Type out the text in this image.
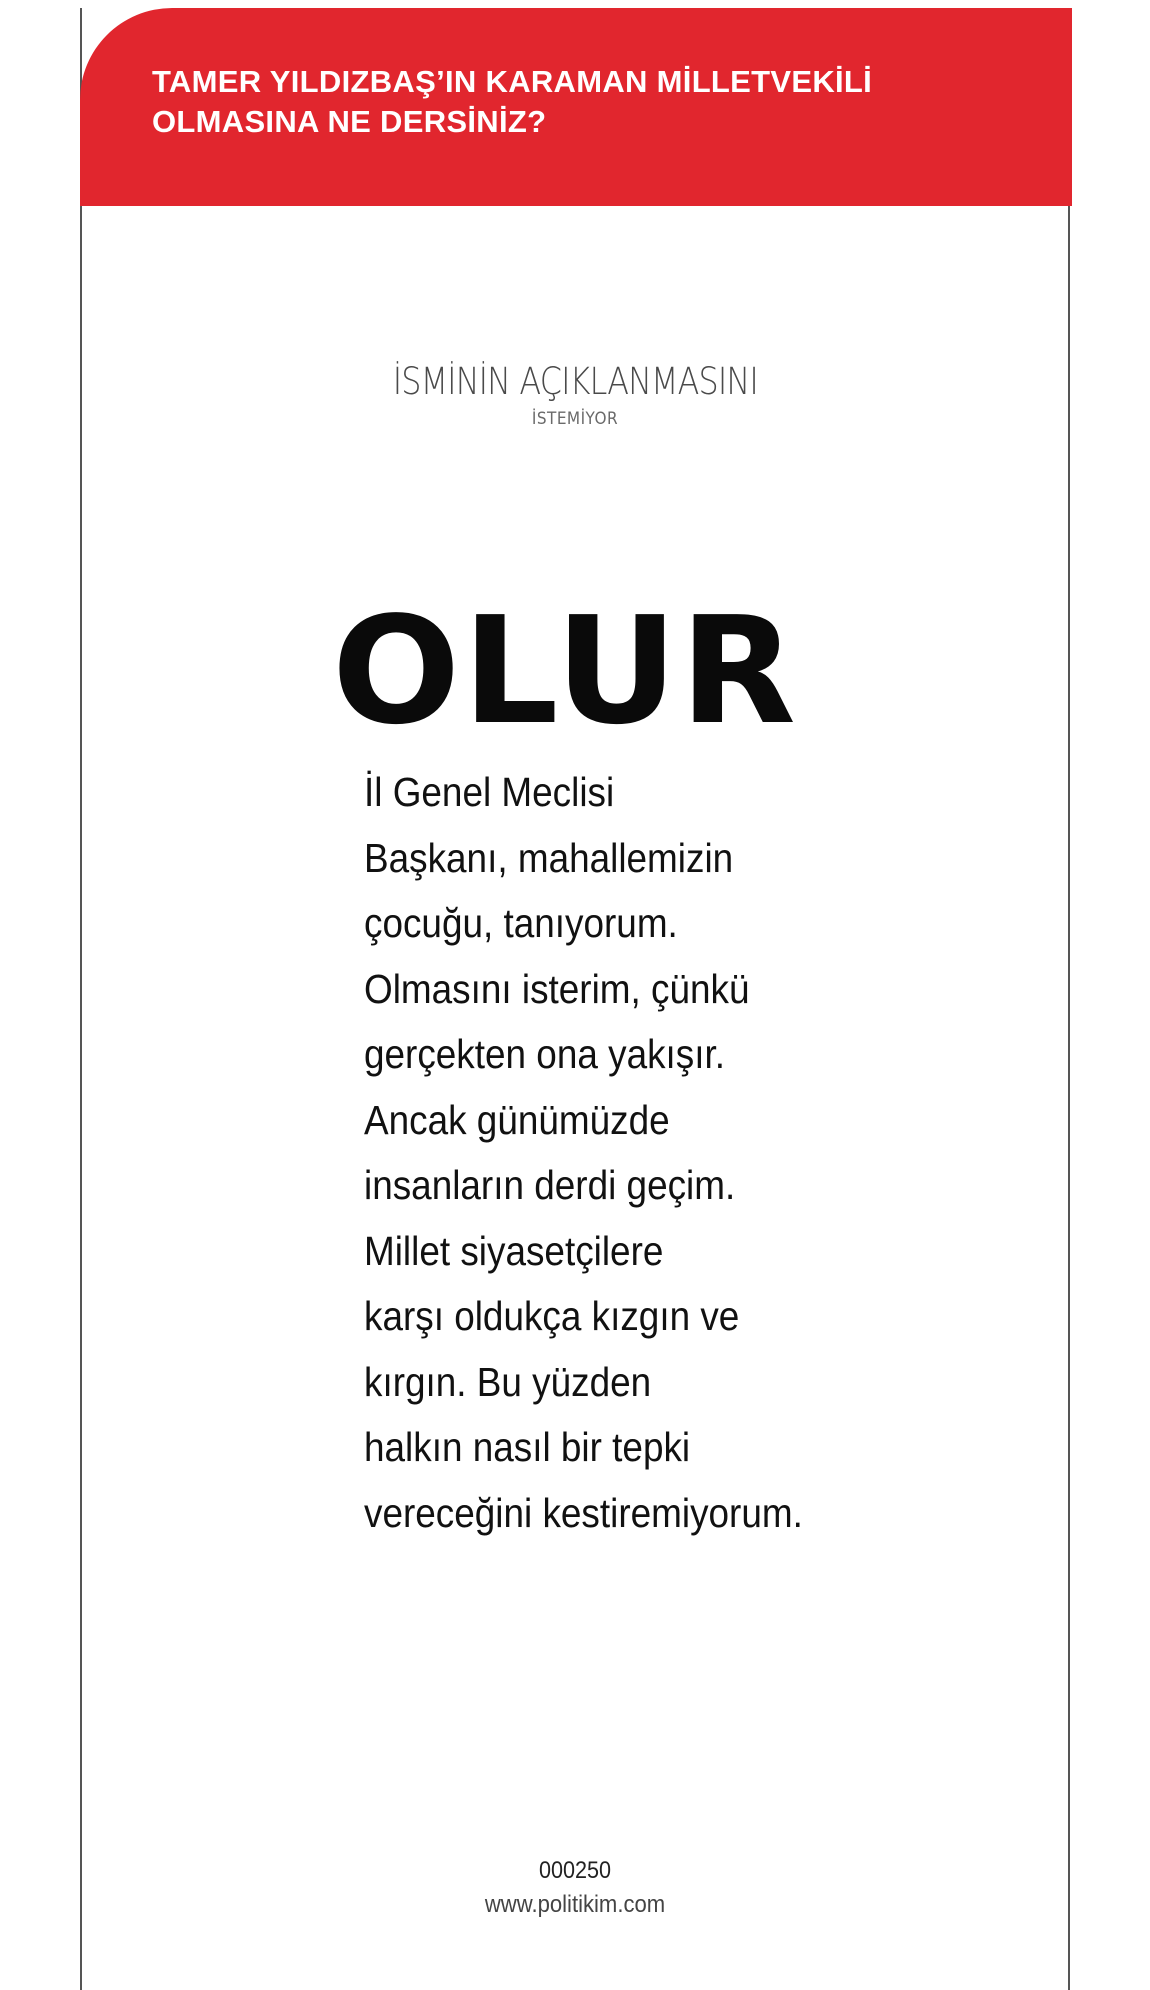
TAMER YILDIZBAŞ’IN KARAMAN MİLLETVEKİLİ
OLMASINA NE DERSİNİZ?

İSMİNİN AÇIKLANMASINI
İSTEMİYOR
OLUR
İl Genel Meclisi
Başkanı, mahallemizin
çocuğu, tanıyorum.
Olmasını isterim, çünkü
gerçekten ona yakışır.
Ancak günümüzde
insanların derdi geçim.
Millet siyasetçilere
karşı oldukça kızgın ve
kırgın. Bu yüzden
halkın nasıl bir tepki
vereceğini kestiremiyorum.
000250
www.politikim.com
